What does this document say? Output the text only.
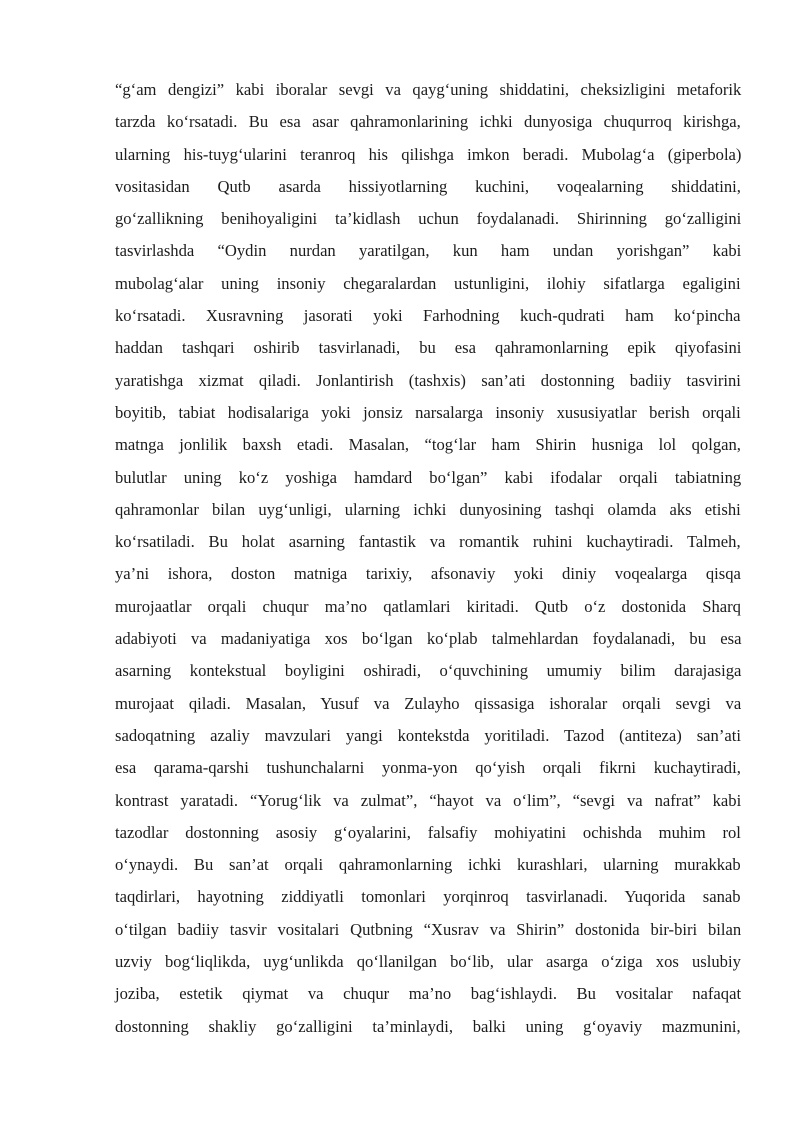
“g‘am dengizi” kabi iboralar sevgi va qayg‘uning shiddatini, cheksizligini metaforik
tarzda ko‘rsatadi. Bu esa asar qahramonlarining ichki dunyosiga chuqurroq kirishga,
ularning his-tuyg‘ularini teranroq his qilishga imkon beradi. Mubolag‘a (giperbola)
vositasidan Qutb asarda hissiyotlarning kuchini, voqealarning shiddatini,
go‘zallikning benihoyaligini ta’kidlash uchun foydalanadi. Shirinning go‘zalligini
tasvirlashda “Oydin nurdan yaratilgan, kun ham undan yorishgan” kabi
mubolag‘alar uning insoniy chegaralardan ustunligini, ilohiy sifatlarga egaligini
ko‘rsatadi. Xusravning jasorati yoki Farhodning kuch-qudrati ham ko‘pincha
haddan tashqari oshirib tasvirlanadi, bu esa qahramonlarning epik qiyofasini
yaratishga xizmat qiladi. Jonlantirish (tashxis) san’ati dostonning badiiy tasvirini
boyitib, tabiat hodisalariga yoki jonsiz narsalarga insoniy xususiyatlar berish orqali
matnga jonlilik baxsh etadi. Masalan, “tog‘lar ham Shirin husniga lol qolgan,
bulutlar uning ko‘z yoshiga hamdard bo‘lgan” kabi ifodalar orqali tabiatning
qahramonlar bilan uyg‘unligi, ularning ichki dunyosining tashqi olamda aks etishi
ko‘rsatiladi. Bu holat asarning fantastik va romantik ruhini kuchaytiradi. Talmeh,
ya’ni ishora, doston matniga tarixiy, afsonaviy yoki diniy voqealarga qisqa
murojaatlar orqali chuqur ma’no qatlamlari kiritadi. Qutb o‘z dostonida Sharq
adabiyoti va madaniyatiga xos bo‘lgan ko‘plab talmehlardan foydalanadi, bu esa
asarning kontekstual boyligini oshiradi, o‘quvchining umumiy bilim darajasiga
murojaat qiladi. Masalan, Yusuf va Zulayho qissasiga ishoralar orqali sevgi va
sadoqatning azaliy mavzulari yangi kontekstda yoritiladi. Tazod (antiteza) san’ati
esa qarama-qarshi tushunchalarni yonma-yon qo‘yish orqali fikrni kuchaytiradi,
kontrast yaratadi. “Yorug‘lik va zulmat”, “hayot va o‘lim”, “sevgi va nafrat” kabi
tazodlar dostonning asosiy g‘oyalarini, falsafiy mohiyatini ochishda muhim rol
o‘ynaydi. Bu san’at orqali qahramonlarning ichki kurashlari, ularning murakkab
taqdirlari, hayotning ziddiyatli tomonlari yorqinroq tasvirlanadi. Yuqorida sanab
o‘tilgan badiiy tasvir vositalari Qutbning “Xusrav va Shirin” dostonida bir-biri bilan
uzviy bog‘liqlikda, uyg‘unlikda qo‘llanilgan bo‘lib, ular asarga o‘ziga xos uslubiy
joziba, estetik qiymat va chuqur ma’no bag‘ishlaydi. Bu vositalar nafaqat
dostonning shakliy go‘zalligini ta’minlaydi, balki uning g‘oyaviy mazmunini,
